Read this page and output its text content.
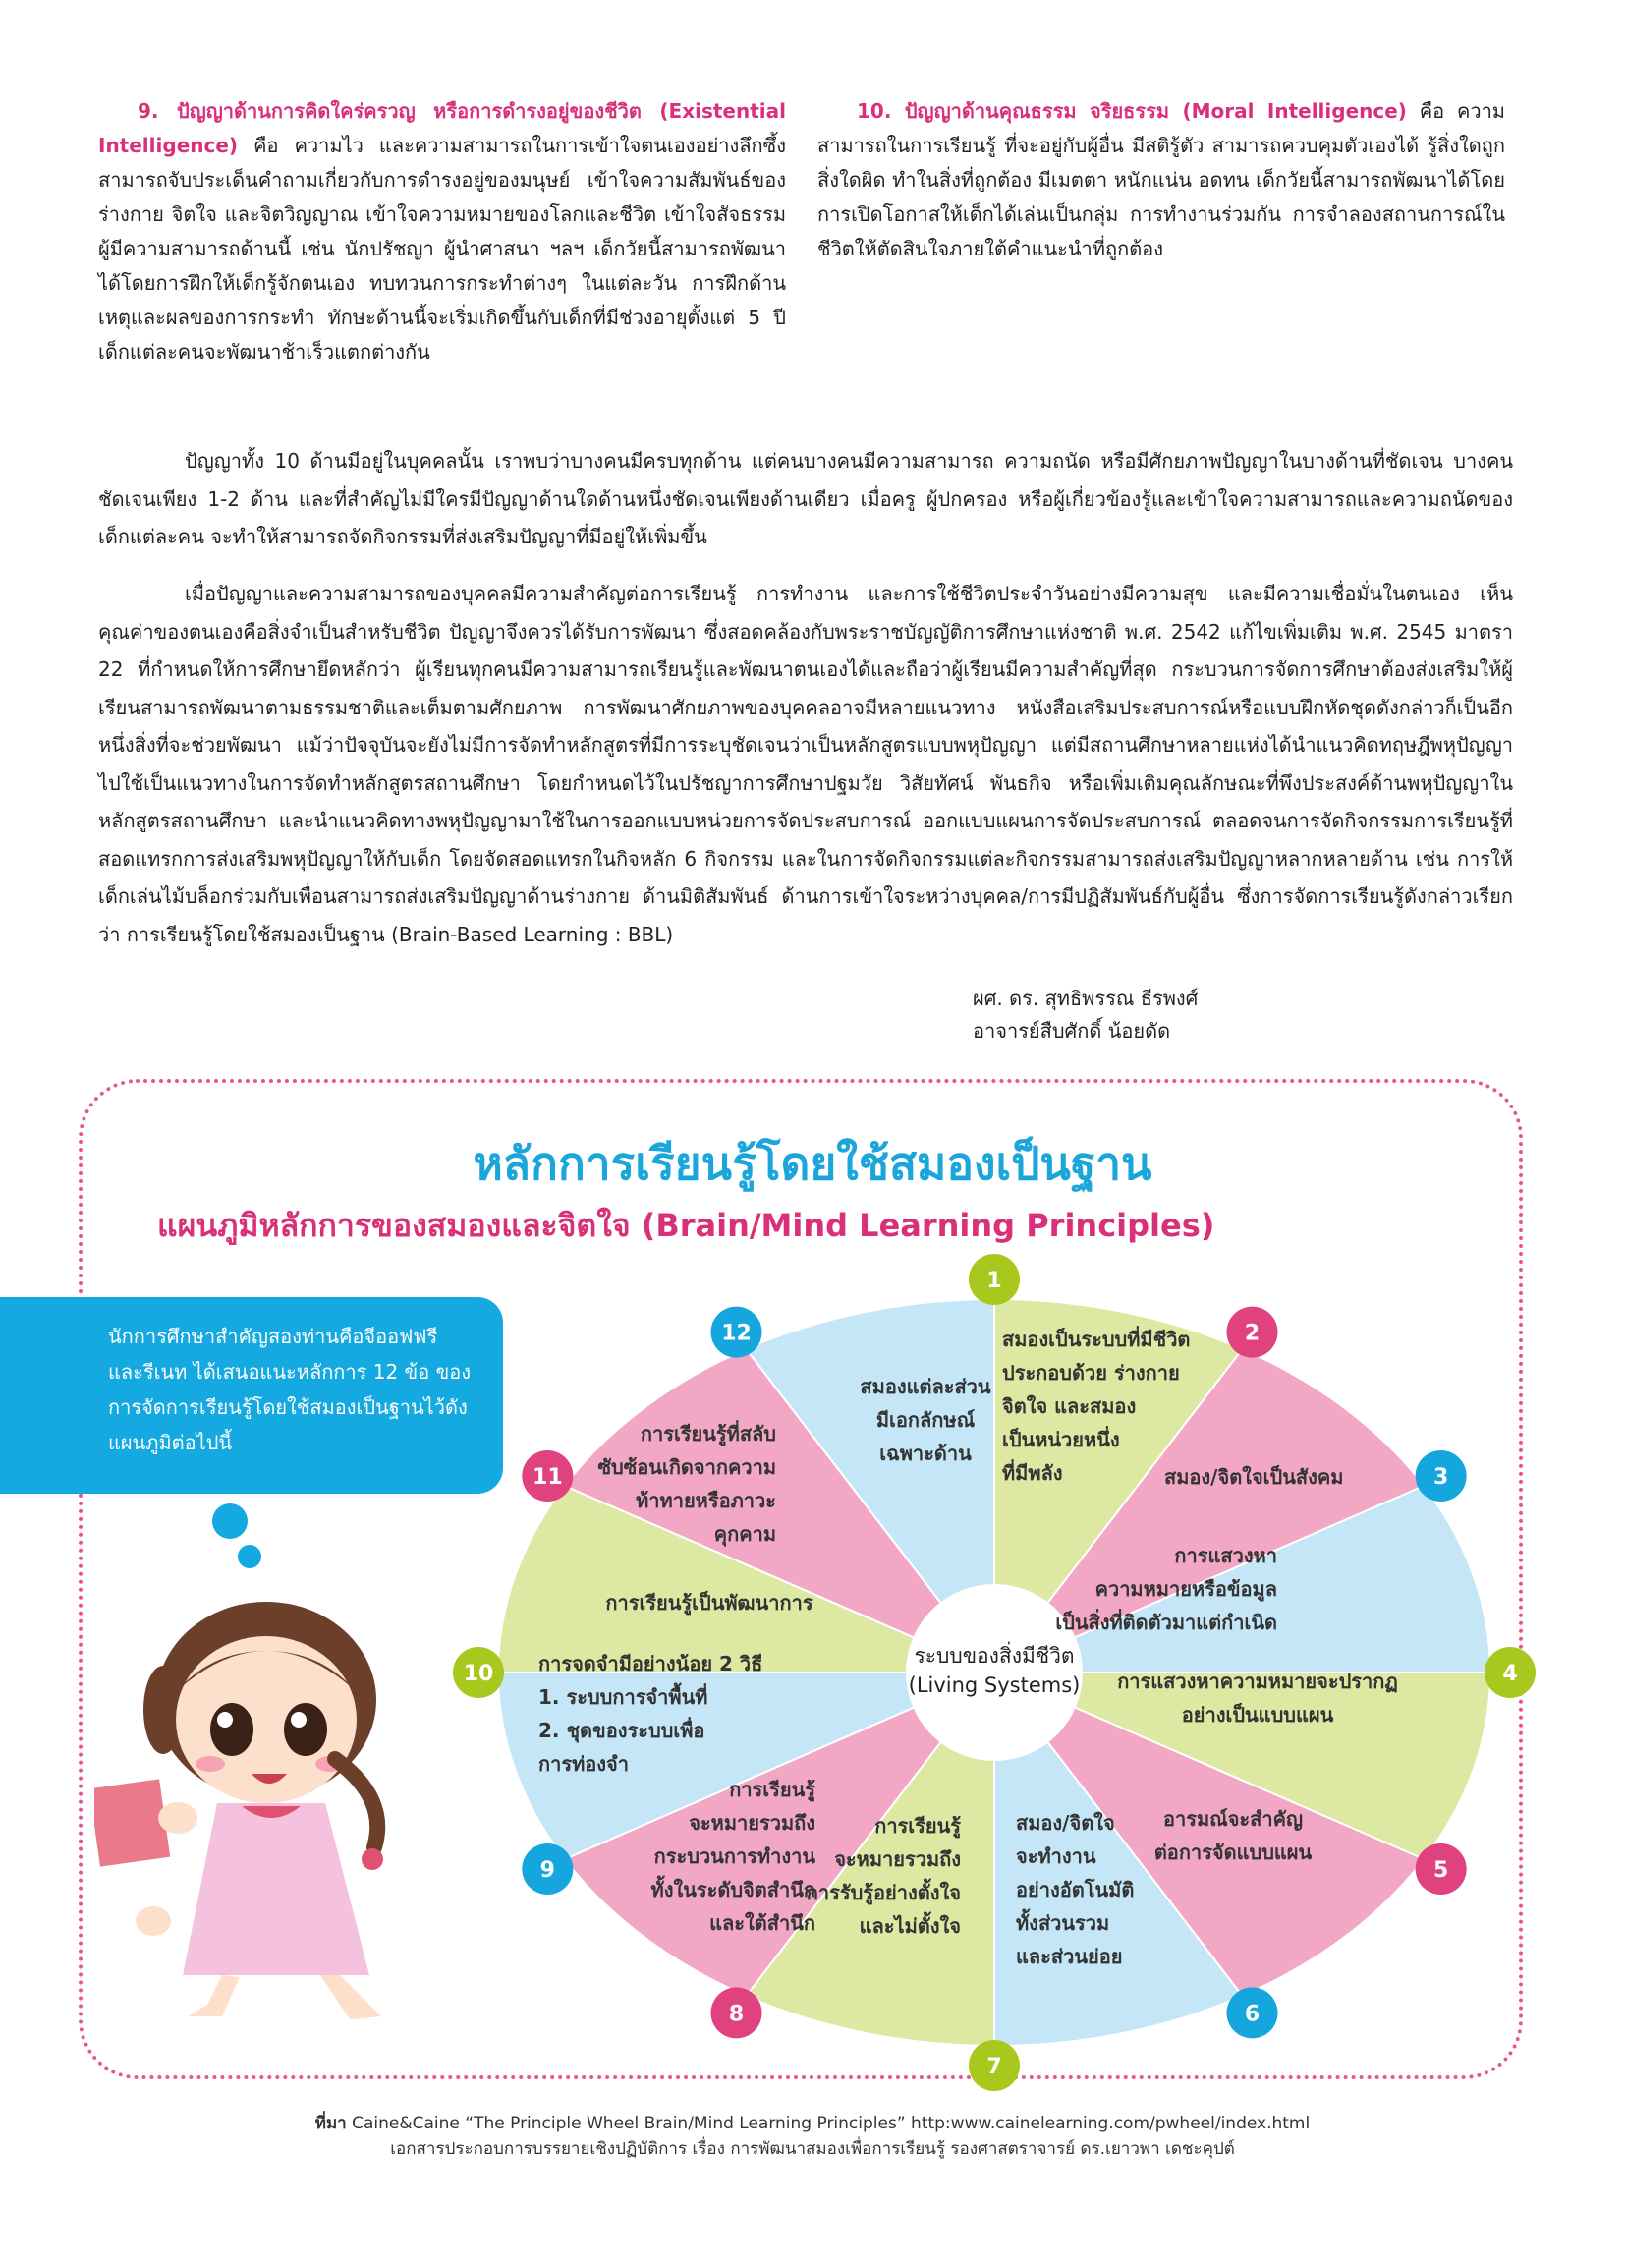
9. ปัญญาด้านการคิดใคร่ครวญ หรือการดำรงอยู่ของชีวิต (Existential Intelligence) คือ ความไว และความสามารถในการเข้าใจตนเองอย่างลึกซึ้ง สามารถจับประเด็นคำถามเกี่ยวกับการดำรงอยู่ของมนุษย์ เข้าใจความสัมพันธ์ของร่างกาย จิตใจ และจิตวิญญาณ เข้าใจความหมายของโลกและชีวิต เข้าใจสัจธรรม ผู้มีความสามารถด้านนี้ เช่น นักปรัชญา ผู้นำศาสนา ฯลฯ เด็กวัยนี้สามารถพัฒนาได้โดยการฝึกให้เด็กรู้จักตนเอง ทบทวนการกระทำต่างๆ ในแต่ละวัน การฝึกด้านเหตุและผลของการกระทำ ทักษะด้านนี้จะเริ่มเกิดขึ้นกับเด็กที่มีช่วงอายุตั้งแต่ 5 ปี เด็กแต่ละคนจะพัฒนาช้าเร็วแตกต่างกัน

10. ปัญญาด้านคุณธรรม จริยธรรม (Moral Intelligence) คือ ความสามารถในการเรียนรู้ ที่จะอยู่กับผู้อื่น มีสติรู้ตัว สามารถควบคุมตัวเองได้ รู้สิ่งใดถูกสิ่งใดผิด ทำในสิ่งที่ถูกต้อง มีเมตตา หนักแน่น อดทน เด็กวัยนี้สามารถพัฒนาได้โดยการเปิดโอกาสให้เด็กได้เล่นเป็นกลุ่ม การทำงานร่วมกัน การจำลองสถานการณ์ในชีวิตให้ตัดสินใจภายใต้คำแนะนำที่ถูกต้อง

ปัญญาทั้ง 10 ด้านมีอยู่ในบุคคลนั้น เราพบว่าบางคนมีครบทุกด้าน แต่คนบางคนมีความสามารถ ความถนัด หรือมีศักยภาพปัญญาในบางด้านที่ชัดเจน บางคนชัดเจนเพียง 1-2 ด้าน และที่สำคัญไม่มีใครมีปัญญาด้านใดด้านหนึ่งชัดเจนเพียงด้านเดียว เมื่อครู ผู้ปกครอง หรือผู้เกี่ยวข้องรู้และเข้าใจความสามารถและความถนัดของเด็กแต่ละคน จะทำให้สามารถจัดกิจกรรมที่ส่งเสริมปัญญาที่มีอยู่ให้เพิ่มขึ้น

เมื่อปัญญาและความสามารถของบุคคลมีความสำคัญต่อการเรียนรู้ การทำงาน และการใช้ชีวิตประจำวันอย่างมีความสุข และมีความเชื่อมั่นในตนเอง เห็นคุณค่าของตนเองคือสิ่งจำเป็นสำหรับชีวิต ปัญญาจึงควรได้รับการพัฒนา ซึ่งสอดคล้องกับพระราชบัญญัติการศึกษาแห่งชาติ พ.ศ. 2542 แก้ไขเพิ่มเติม พ.ศ. 2545 มาตรา 22 ที่กำหนดให้การศึกษายึดหลักว่า ผู้เรียนทุกคนมีความสามารถเรียนรู้และพัฒนาตนเองได้และถือว่าผู้เรียนมีความสำคัญที่สุด กระบวนการจัดการศึกษาต้องส่งเสริมให้ผู้เรียนสามารถพัฒนาตามธรรมชาติและเต็มตามศักยภาพ การพัฒนาศักยภาพของบุคคลอาจมีหลายแนวทาง หนังสือเสริมประสบการณ์หรือแบบฝึกหัดชุดดังกล่าวก็เป็นอีกหนึ่งสิ่งที่จะช่วยพัฒนา แม้ว่าปัจจุบันจะยังไม่มีการจัดทำหลักสูตรที่มีการระบุชัดเจนว่าเป็นหลักสูตรแบบพหุปัญญา แต่มีสถานศึกษาหลายแห่งได้นำแนวคิดทฤษฎีพหุปัญญาไปใช้เป็นแนวทางในการจัดทำหลักสูตรสถานศึกษา โดยกำหนดไว้ในปรัชญาการศึกษาปฐมวัย วิสัยทัศน์ พันธกิจ หรือเพิ่มเติมคุณลักษณะที่พึงประสงค์ด้านพหุปัญญาในหลักสูตรสถานศึกษา และนำแนวคิดทางพหุปัญญามาใช้ในการออกแบบหน่วยการจัดประสบการณ์ ออกแบบแผนการจัดประสบการณ์ ตลอดจนการจัดกิจกรรมการเรียนรู้ที่สอดแทรกการส่งเสริมพหุปัญญาให้กับเด็ก โดยจัดสอดแทรกในกิจหลัก 6 กิจกรรม และในการจัดกิจกรรมแต่ละกิจกรรมสามารถส่งเสริมปัญญาหลากหลายด้าน เช่น การให้เด็กเล่นไม้บล็อกร่วมกับเพื่อนสามารถส่งเสริมปัญญาด้านร่างกาย ด้านมิติสัมพันธ์ ด้านการเข้าใจระหว่างบุคคล/การมีปฏิสัมพันธ์กับผู้อื่น ซึ่งการจัดการเรียนรู้ดังกล่าวเรียกว่า การเรียนรู้โดยใช้สมองเป็นฐาน (Brain-Based Learning : BBL)

ผศ. ดร. สุทธิพรรณ ธีรพงศ์
อาจารย์สืบศักดิ์ น้อยดัด
หลักการเรียนรู้โดยใช้สมองเป็นฐาน
แผนภูมิหลักการของสมองและจิตใจ (Brain/Mind Learning Principles)
ระบบของสิ่งมีชีวิต
(Living Systems)
1
สมองเป็นระบบที่มีชีวิต
ประกอบด้วย ร่างกาย
จิตใจ และสมอง
เป็นหน่วยหนึ่ง
ที่มีพลัง
2
สมอง/จิตใจเป็นสังคม	3
การแสวงหา
ความหมายหรือข้อมูล
เป็นสิ่งที่ติดตัวมาแต่กำเนิด
4
การแสวงหาความหมายจะปรากฏ
อย่างเป็นแบบแผน
5
อารมณ์จะสำคัญ
ต่อการจัดแบบแผน
6
สมอง/จิตใจ
จะทำงาน
อย่างอัตโนมัติ
ทั้งส่วนรวม
และส่วนย่อย
7
การเรียนรู้
จะหมายรวมถึง
การรับรู้อย่างตั้งใจ
และไม่ตั้งใจ
8
การเรียนรู้
จะหมายรวมถึง
กระบวนการทำงาน
ทั้งในระดับจิตสำนึก
และใต้สำนึก
9
การจดจำมีอย่างน้อย 2 วิธี
1. ระบบการจำพื้นที่
2. ชุดของระบบเพื่อ
การท่องจำ
10
การเรียนรู้เป็นพัฒนาการ
11
การเรียนรู้ที่สลับ
ซับซ้อนเกิดจากความ
ท้าทายหรือภาวะ
คุกคาม
12
สมองแต่ละส่วน
มีเอกลักษณ์
เฉพาะด้าน
นักการศึกษาสำคัญสองท่านคือจีออฟฟรี และรีเนท ได้เสนอแนะหลักการ 12 ข้อ ของการจัดการเรียนรู้โดยใช้สมองเป็นฐานไว้ดังแผนภูมิต่อไปนี้
ที่มา Caine&Caine “The Principle Wheel Brain/Mind Learning Principles” http:www.cainelearning.com/pwheel/index.html
เอกสารประกอบการบรรยายเชิงปฏิบัติการ เรื่อง การพัฒนาสมองเพื่อการเรียนรู้ รองศาสตราจารย์ ดร.เยาวพา เดชะคุปต์
